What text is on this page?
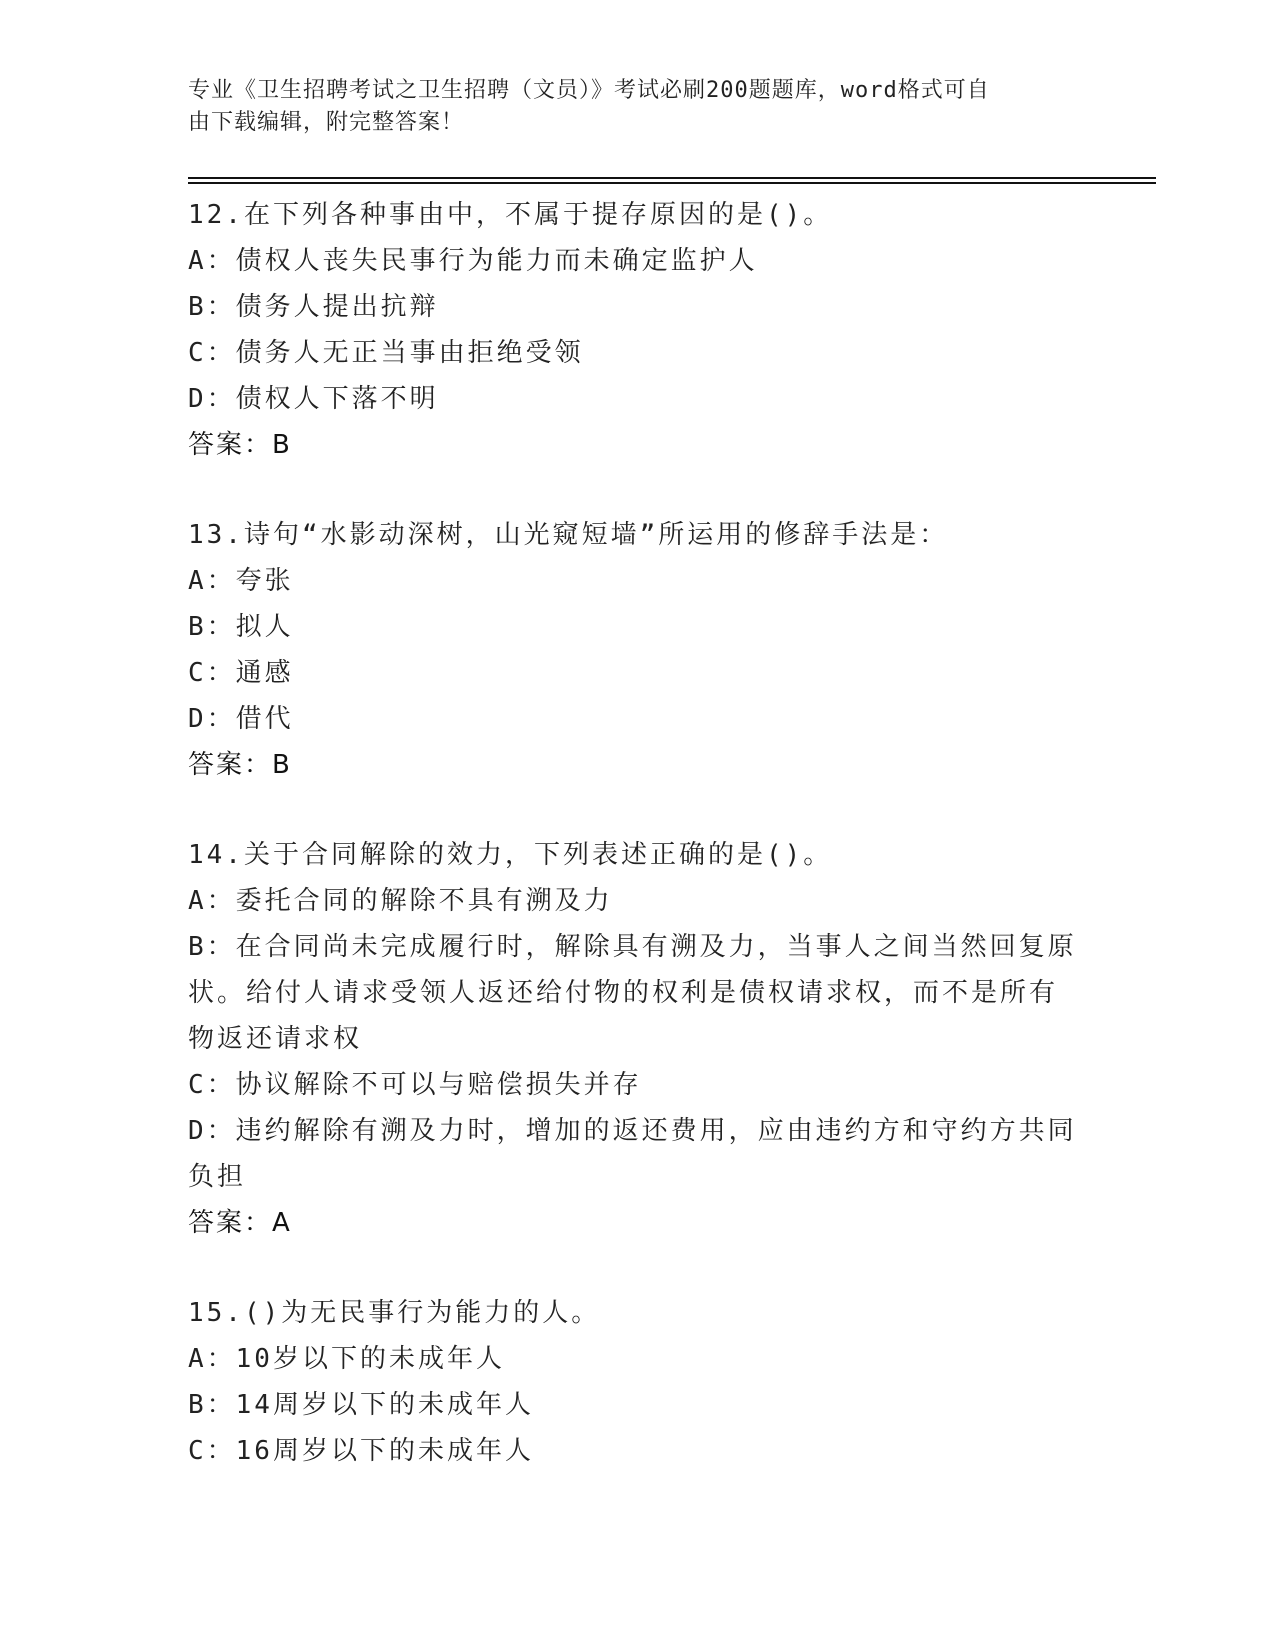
专业《卫生招聘考试之卫生招聘（文员）》考试必刷200题题库，word格式可自
由下载编辑，附完整答案！
12.在下列各种事由中，不属于提存原因的是()。
A：债权人丧失民事行为能力而未确定监护人
B：债务人提出抗辩
C：债务人无正当事由拒绝受领
D：债权人下落不明
答案：B
13.诗句“水影动深树，山光窥短墙”所运用的修辞手法是：
A：夸张
B：拟人
C：通感
D：借代
答案：B
14.关于合同解除的效力，下列表述正确的是()。
A：委托合同的解除不具有溯及力
B：在合同尚未完成履行时，解除具有溯及力，当事人之间当然回复原
状。给付人请求受领人返还给付物的权利是债权请求权，而不是所有
物返还请求权
C：协议解除不可以与赔偿损失并存
D：违约解除有溯及力时，增加的返还费用，应由违约方和守约方共同
负担
答案：A
15.()为无民事行为能力的人。
A：10岁以下的未成年人
B：14周岁以下的未成年人
C：16周岁以下的未成年人
